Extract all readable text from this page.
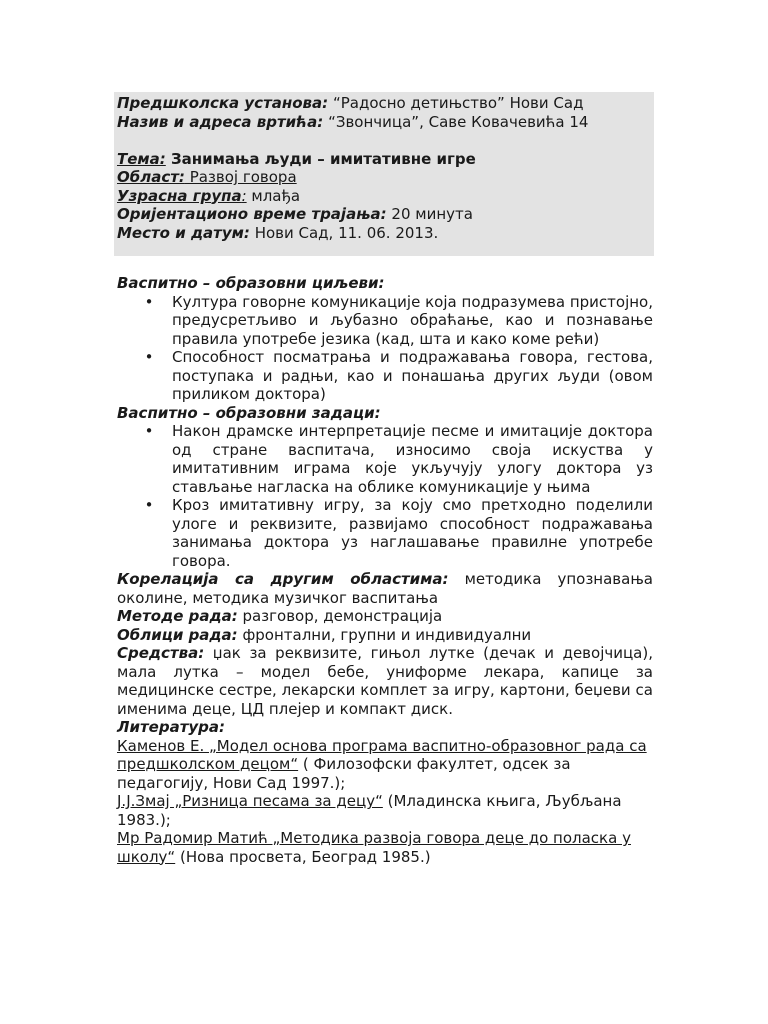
Предшколска установа: “Радосно детињство” Нови Сад
Назив и адреса вртића: “Звончица”, Саве Ковачевића 14
Тема: Занимања људи – имитативне игре
Област: Развој говора
Узрасна група: млађа
Оријентационо време трајања: 20 минута
Место и датум: Нови Сад, 11. 06. 2013.

Васпитно – образовни циљеви:

• Култура говорне комуникације која подразумева пристојно, предусретљиво и љубазно обраћање, као и познавање правила употребе језика (кад, шта и како коме рећи)
• Способност посматрања и подражавања говора, гестова, поступака и радњи, као и понашања других људи (овом приликом доктора)

Васпитно – образовни задаци:

• Након драмске интерпретације песме и имитације доктора од стране васпитача, износимо своја искуства у имитативним играма које укључују улогу доктора уз стављање нагласка на облике комуникације у њима
• Кроз имитативну игру, за коју смо претходно поделили улоге и реквизите, развијамо способност подражавања занимања доктора уз наглашавање правилне употребе говора.

Корелација са другим областима: методика упознавања околине, методика музичког васпитања

Методе рада: разговор, демонстрација

Облици рада: фронтални, групни и индивидуални

Средства: џак за реквизите, гињол лутке (дечак и девојчица), мала лутка – модел бебе, униформе лекара, капице за медицинске сестре, лекарски комплет за игру, картони, беџеви са именима деце, ЦД плејер и компакт диск.

Литература:

Каменов Е. „Модел основа програма васпитно-образовног рада са предшколском децом“ ( Филозофски факултет, одсек за педагогију, Нови Сад 1997.);

Ј.Ј.Змај „Ризница песама за децу“ (Младинска књига, Љубљана 1983.);

Мр Радомир Матић „Методика развоја говора деце до поласка у школу“ (Нова просвета, Београд 1985.)
